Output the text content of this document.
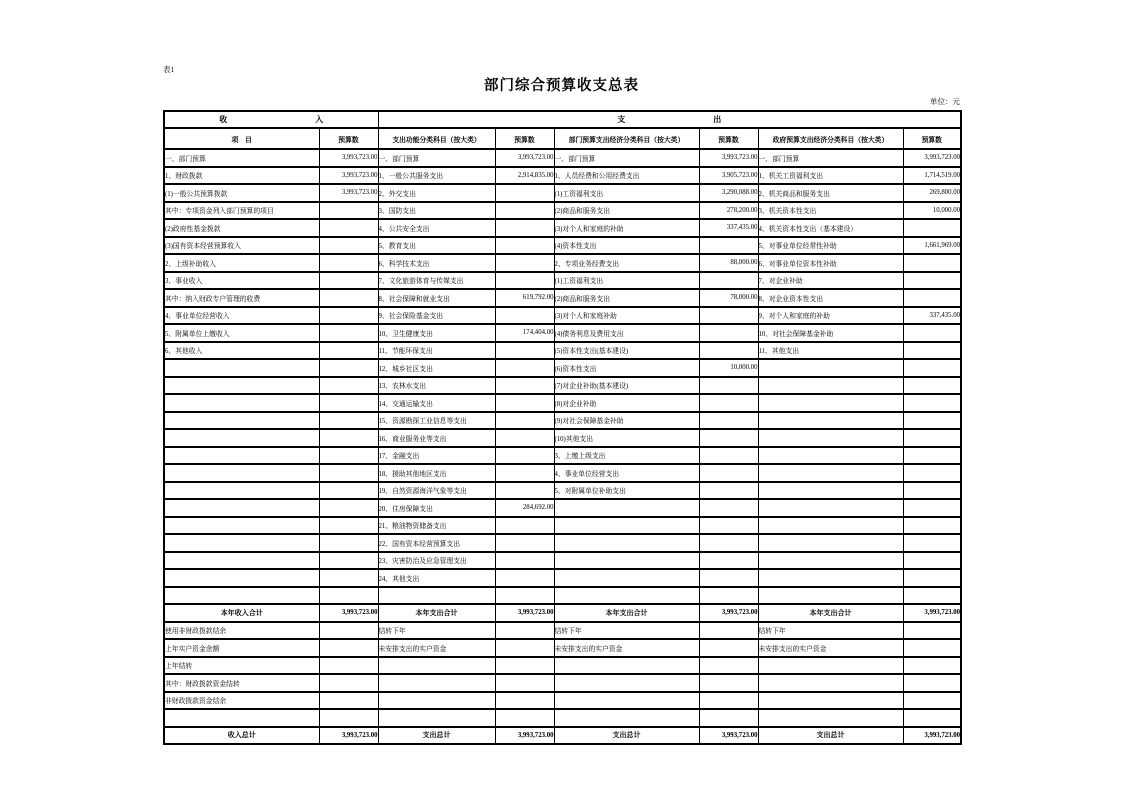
表1
部门综合预算收支总表
单位：元
收 入		支 出					

项　目	预算数	支出功能分类科目（按大类）	预算数	部门预算支出经济分类科目（按大类）	预算数	政府预算支出经济分类科目（按大类）	预算数
一、部门预算	3,993,723.00	一、部门预算	3,993,723.00	一、部门预算	3,993,723.00	一、部门预算	3,993,723.00
1、财政拨款	3,993,723.00	1、一般公共服务支出	2,914,835.00	1、人员经费和公用经费支出	3,905,723.00	1、机关工资福利支出	1,714,519.00
(1)一般公共预算拨款	3,993,723.00	2、外交支出		(1)工资福利支出	3,290,088.00	2、机关商品和服务支出	269,800.00
其中：专项资金列入部门预算的项目		3、国防支出		(2)商品和服务支出	278,200.00	3、机关资本性支出	10,000.00
(2)政府性基金拨款		4、公共安全支出		(3)对个人和家庭的补助	337,435.00	4、机关资本性支出（基本建设）	
(3)国有资本经营预算收入		5、教育支出		(4)资本性支出		5、对事业单位经常性补助	1,661,969.00
2、上级补助收入		6、科学技术支出		2、专项业务经费支出	88,000.00	6、对事业单位资本性补助	
3、事业收入		7、文化旅游体育与传媒支出		(1)工资福利支出		7、对企业补助	
其中：纳入财政专户管理的收费		8、社会保障和就业支出	619,792.00	(2)商品和服务支出	78,000.00	8、对企业资本性支出	
4、事业单位经营收入		9、社会保险基金支出		(3)对个人和家庭补助		9、对个人和家庭的补助	337,435.00
5、附属单位上缴收入		10、卫生健康支出	174,404.00	(4)债务利息及费用支出		10、对社会保障基金补助	
6、其他收入		11、节能环保支出		(5)资本性支出(基本建设)		11、其他支出	
		12、城乡社区支出		(6)资本性支出	10,000.00		
		13、农林水支出		(7)对企业补助(基本建设)			
		14、交通运输支出		(8)对企业补助			
		15、资源勘探工业信息等支出		(9)对社会保障基金补助			
		16、商业服务业等支出		(10)其他支出			
		17、金融支出		3、上缴上级支出			
		18、援助其他地区支出		4、事业单位经营支出			
		19、自然资源海洋气象等支出		5、对附属单位补助支出			
		20、住房保障支出	284,692.00				
		21、粮油物资储备支出					
		22、国有资本经营预算支出					
		23、灾害防治及应急管理支出					
		24、其他支出					

本年收入合计	3,993,723.00	本年支出合计	3,993,723.00	本年支出合计	3,993,723.00	本年支出合计	3,993,723.00
使用非财政拨款结余		结转下年		结转下年		结转下年	
上年实户资金余额		未安排支出的实户资金		未安排支出的实户资金		未安排支出的实户资金	
上年结转							
其中：财政拨款资金结转							
非财政拨款资金结余							

收入总计	3,993,723.00	支出总计	3,993,723.00	支出总计	3,993,723.00	支出总计	3,993,723.00
